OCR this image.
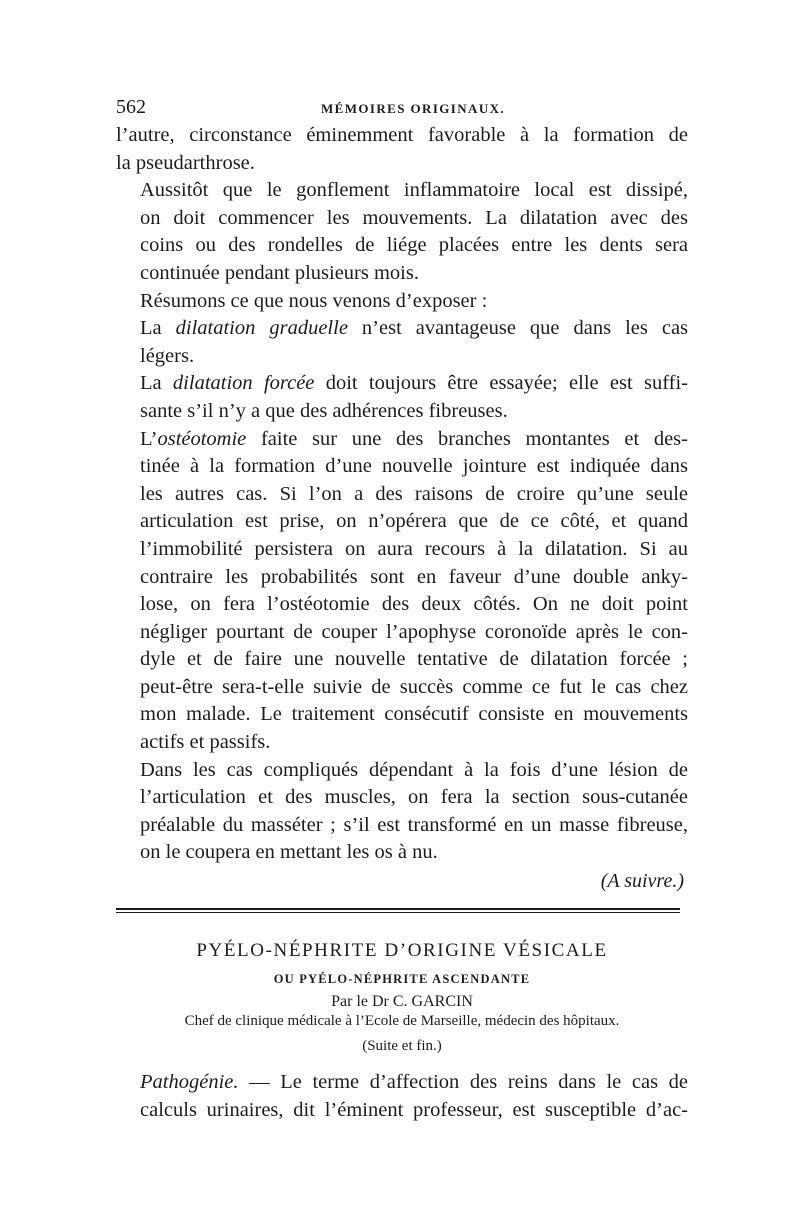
562	MÉMOIRES ORIGINAUX.

l’autre, circonstance éminemment favorable à la formation de
la pseudarthrose.

Aussitôt que le gonflement inflammatoire local est dissipé,
on doit commencer les mouvements. La dilatation avec des
coins ou des rondelles de liége placées entre les dents sera
continuée pendant plusieurs mois.

Résumons ce que nous venons d’exposer :

La dilatation graduelle n’est avantageuse que dans les cas
légers.

La dilatation forcée doit toujours être essayée; elle est suffi-
sante s’il n’y a que des adhérences fibreuses.

L’ostéotomie faite sur une des branches montantes et des-
tinée à la formation d’une nouvelle jointure est indiquée dans
les autres cas. Si l’on a des raisons de croire qu’une seule
articulation est prise, on n’opérera que de ce côté, et quand
l’immobilité persistera on aura recours à la dilatation. Si au
contraire les probabilités sont en faveur d’une double anky-
lose, on fera l’ostéotomie des deux côtés. On ne doit point
négliger pourtant de couper l’apophyse coronoïde après le con-
dyle et de faire une nouvelle tentative de dilatation forcée ;
peut-être sera-t-elle suivie de succès comme ce fut le cas chez
mon malade. Le traitement consécutif consiste en mouvements
actifs et passifs.

Dans les cas compliqués dépendant à la fois d’une lésion de
l’articulation et des muscles, on fera la section sous-cutanée
préalable du masséter ; s’il est transformé en un masse fibreuse,
on le coupera en mettant les os à nu.

(A suivre.)
PYÉLO-NÉPHRITE D’ORIGINE VÉSICALE
OU PYÉLO-NÉPHRITE ASCENDANTE
Par le Dr C. GARCIN
Chef de clinique médicale à l’Ecole de Marseille, médecin des hôpitaux.
(Suite et fin.)

Pathogénie. — Le terme d’affection des reins dans le cas de
calculs urinaires, dit l’éminent professeur, est susceptible d’ac-
